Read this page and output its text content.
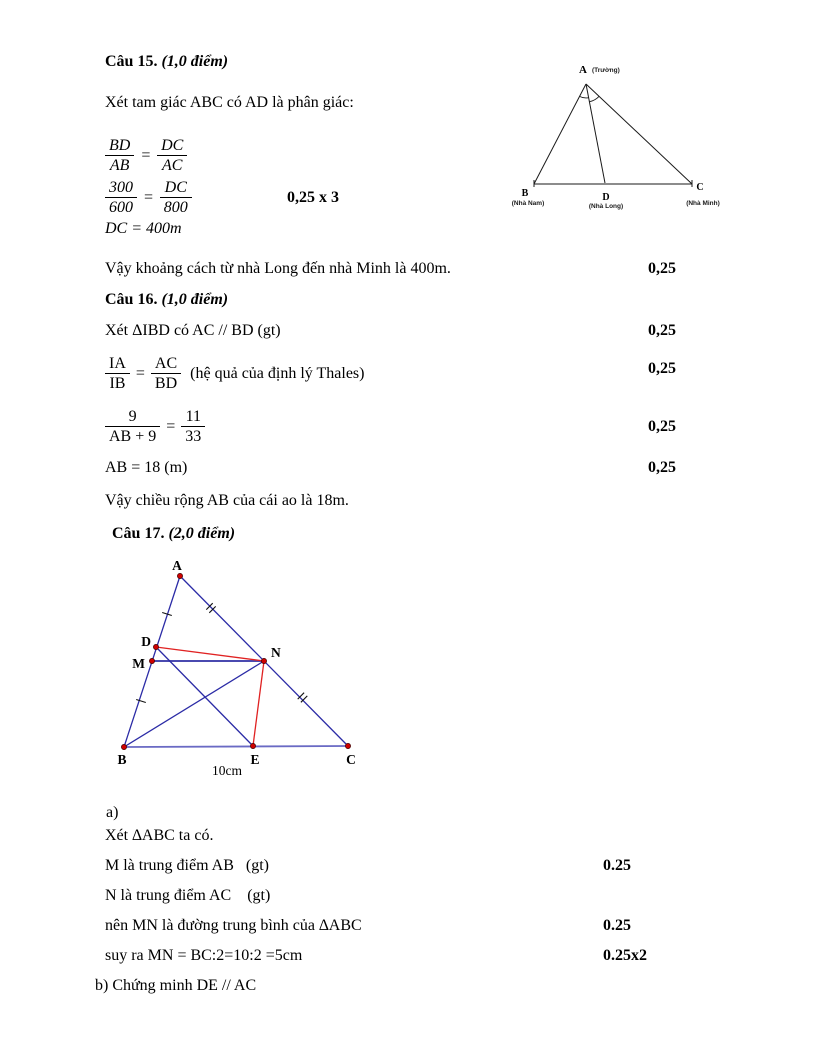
Câu 15. (1,0 điểm)
Xét tam giác ABC có AD là phân giác:
$\frac{BD}{AB} = \frac{DC}{AC}$
$\frac{300}{600} = \frac{DC}{800}$
DC = 400m
0,25 x 3
A (Trường)
B
(Nhà Nam)
D
(Nhà Long)
C
(Nhà Minh)
Vậy khoảng cách từ nhà Long đến nhà Minh là 400m.	0,25
Câu 16. (1,0 điểm)
Xét ΔIBD có AC // BD (gt)	0,25
$\frac{IA}{IB} = \frac{AC}{BD}$ (hệ quả của định lý Thales)	0,25
$\frac{9}{AB + 9} = \frac{11}{33}$	0,25
AB = 18 (m)	0,25
Vậy chiều rộng AB của cái ao là 18m.
Câu 17. (2,0 điểm)
A
B	C
D
M
N
E
10cm
a)
Xét ∆ABC ta có.
M là trung điểm AB   (gt)	0.25
N là trung điểm AC    (gt)
nên MN là đường trung bình của ∆ABC	0.25
suy ra MN = BC:2=10:2 =5cm	0.25x2
b) Chứng minh DE // AC
